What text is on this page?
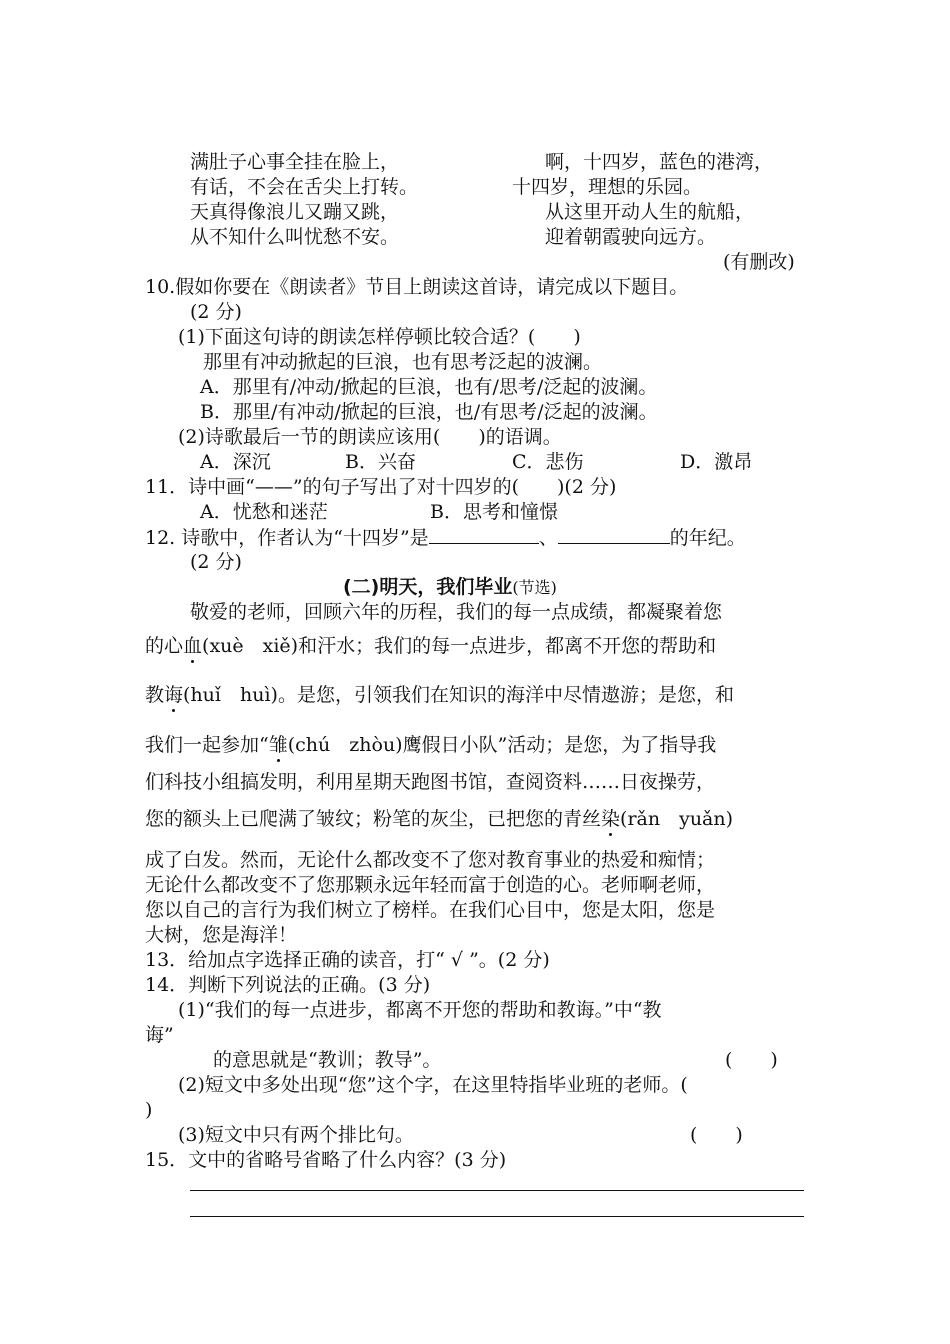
满肚子心事全挂在脸上，
有话，不会在舌尖上打转。
天真得像浪儿又蹦又跳，
从不知什么叫忧愁不安。
啊，十四岁，蓝色的港湾，
十四岁，理想的乐园。
从这里开动人生的航船，
迎着朝霞驶向远方。
(有删改)
10.假如你要在《朗读者》节目上朗读这首诗，请完成以下题目。
(2 分)
(1)下面这句诗的朗读怎样停顿比较合适？(　　)
那里有冲动掀起的巨浪，也有思考泛起的波澜。
A．那里有/冲动/掀起的巨浪，也有/思考/泛起的波澜。
B．那里/有冲动/掀起的巨浪，也/有思考/泛起的波澜。
(2)诗歌最后一节的朗读应该用(　　)的语调。
A．深沉	B．兴奋	C．悲伤	D．激昂
11．诗中画“——”的句子写出了对十四岁的(　　)(2 分)
A．忧愁和迷茫	B．思考和憧憬
12. 诗歌中，作者认为“十四岁”是	、	的年纪。
(2 分)
(二)明天，我们毕业(节选)
敬爱的老师，回顾六年的历程，我们的每一点成绩，都凝聚着您
的心血(xuè　xiě)和汗水；我们的每一点进步，都离不开您的帮助和
教诲(huǐ　huì)。是您，引领我们在知识的海洋中尽情遨游；是您，和
我们一起参加“雏(chú　zhòu)鹰假日小队”活动；是您，为了指导我
们科技小组搞发明，利用星期天跑图书馆，查阅资料……日夜操劳，
您的额头上已爬满了皱纹；粉笔的灰尘，已把您的青丝染(rǎn　yuǎn)
成了白发。然而，无论什么都改变不了您对教育事业的热爱和痴情；
无论什么都改变不了您那颗永远年轻而富于创造的心。老师啊老师，
您以自己的言行为我们树立了榜样。在我们心目中，您是太阳，您是
大树，您是海洋！
13．给加点字选择正确的读音，打“ √ ”。(2 分)
14．判断下列说法的正确。(3 分)
(1)“我们的每一点进步，都离不开您的帮助和教诲。”中“教
诲”
的意思就是“教训；教导”。	(　　)
(2)短文中多处出现“您”这个字，在这里特指毕业班的老师。(
)
(3)短文中只有两个排比句。	(　　)
15．文中的省略号省略了什么内容？(3 分)
